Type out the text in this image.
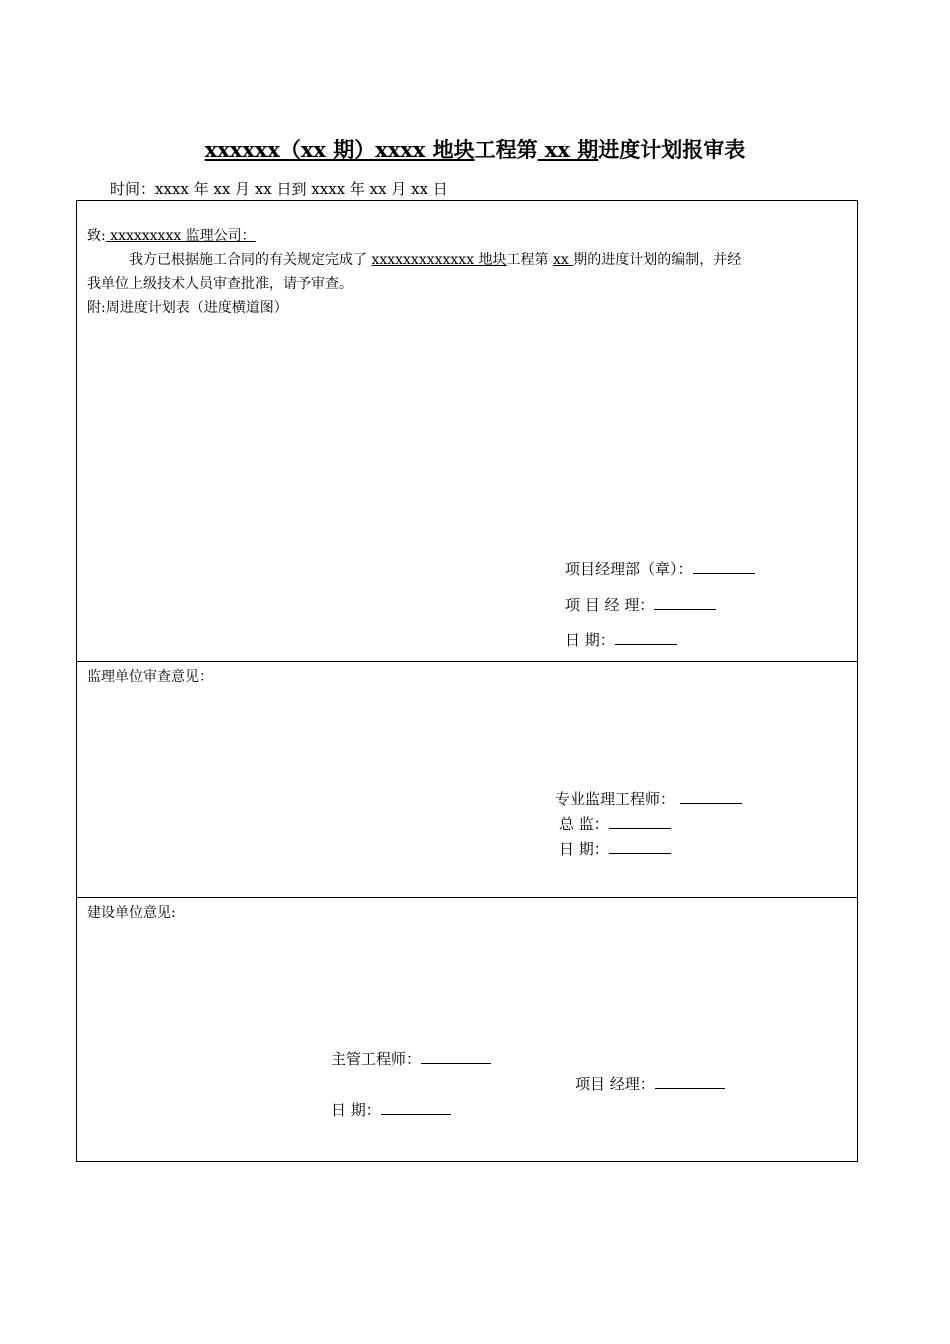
xxxxxx（xx 期）xxxx 地块工程第 xx 期进度计划报审表
时间：xxxx 年 xx 月 xx 日到 xxxx 年 xx 月 xx 日
致: xxxxxxxxx 监理公司：
我方已根据施工合同的有关规定完成了 xxxxxxxxxxxxx 地块工程第 xx 期的进度计划的编制，并经
我单位上级技术人员审查批准，请予审查。
附:周进度计划表（进度横道图）
项目经理部（章）：
项 目 经 理：
日 期：
监理单位审查意见：
专业监理工程师：
总 监：
日 期：
建设单位意见:
主管工程师：
项目 经理：
日 期：
